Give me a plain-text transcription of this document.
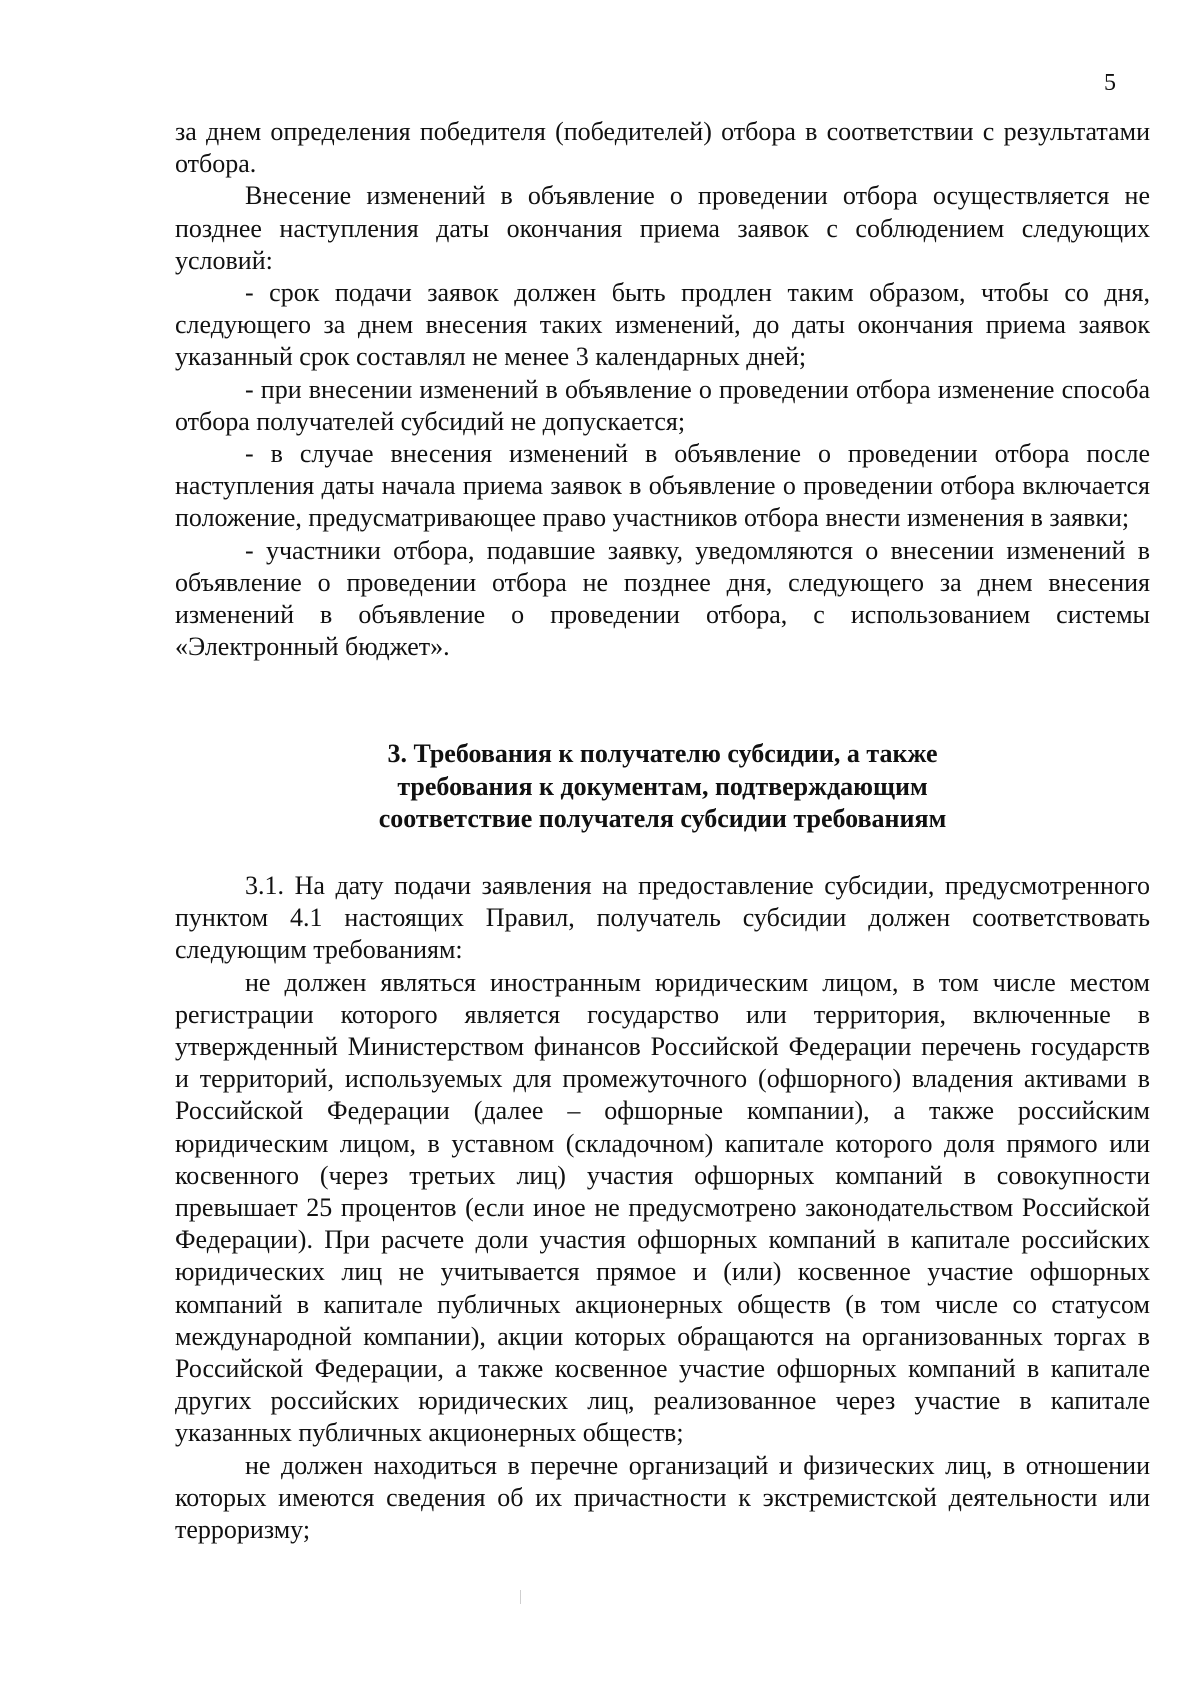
5

за днем определения победителя (победителей) отбора в соответствии с результатами отбора.

Внесение изменений в объявление о проведении отбора осуществляется не позднее наступления даты окончания приема заявок с соблюдением следующих условий:

- срок подачи заявок должен быть продлен таким образом, чтобы со дня, следующего за днем внесения таких изменений, до даты окончания приема заявок указанный срок составлял не менее 3 календарных дней;

- при внесении изменений в объявление о проведении отбора изменение способа отбора получателей субсидий не допускается;

- в случае внесения изменений в объявление о проведении отбора после наступления даты начала приема заявок в объявление о проведении отбора включается положение, предусматривающее право участников отбора внести изменения в заявки;

- участники отбора, подавшие заявку, уведомляются о внесении изменений в объявление о проведении отбора не позднее дня, следующего за днем внесения изменений в объявление о проведении отбора, с использованием системы «Электронный бюджет».

3. Требования к получателю субсидии, а также
требования к документам, подтверждающим
соответствие получателя субсидии требованиям

3.1. На дату подачи заявления на предоставление субсидии, предусмотренного пунктом 4.1 настоящих Правил, получатель субсидии должен соответствовать следующим требованиям:

не должен являться иностранным юридическим лицом, в том числе местом регистрации которого является государство или территория, включенные в утвержденный Министерством финансов Российской Федерации перечень государств и территорий, используемых для промежуточного (офшорного) владения активами в Российской Федерации (далее – офшорные компании), а также российским юридическим лицом, в уставном (складочном) капитале которого доля прямого или косвенного (через третьих лиц) участия офшорных компаний в совокупности превышает 25 процентов (если иное не предусмотрено законодательством Российской Федерации). При расчете доли участия офшорных компаний в капитале российских юридических лиц не учитывается прямое и (или) косвенное участие офшорных компаний в капитале публичных акционерных обществ (в том числе со статусом международной компании), акции которых обращаются на организованных торгах в Российской Федерации, а также косвенное участие офшорных компаний в капитале других российских юридических лиц, реализованное через участие в капитале указанных публичных акционерных обществ;

не должен находиться в перечне организаций и физических лиц, в отношении которых имеются сведения об их причастности к экстремистской деятельности или терроризму;
